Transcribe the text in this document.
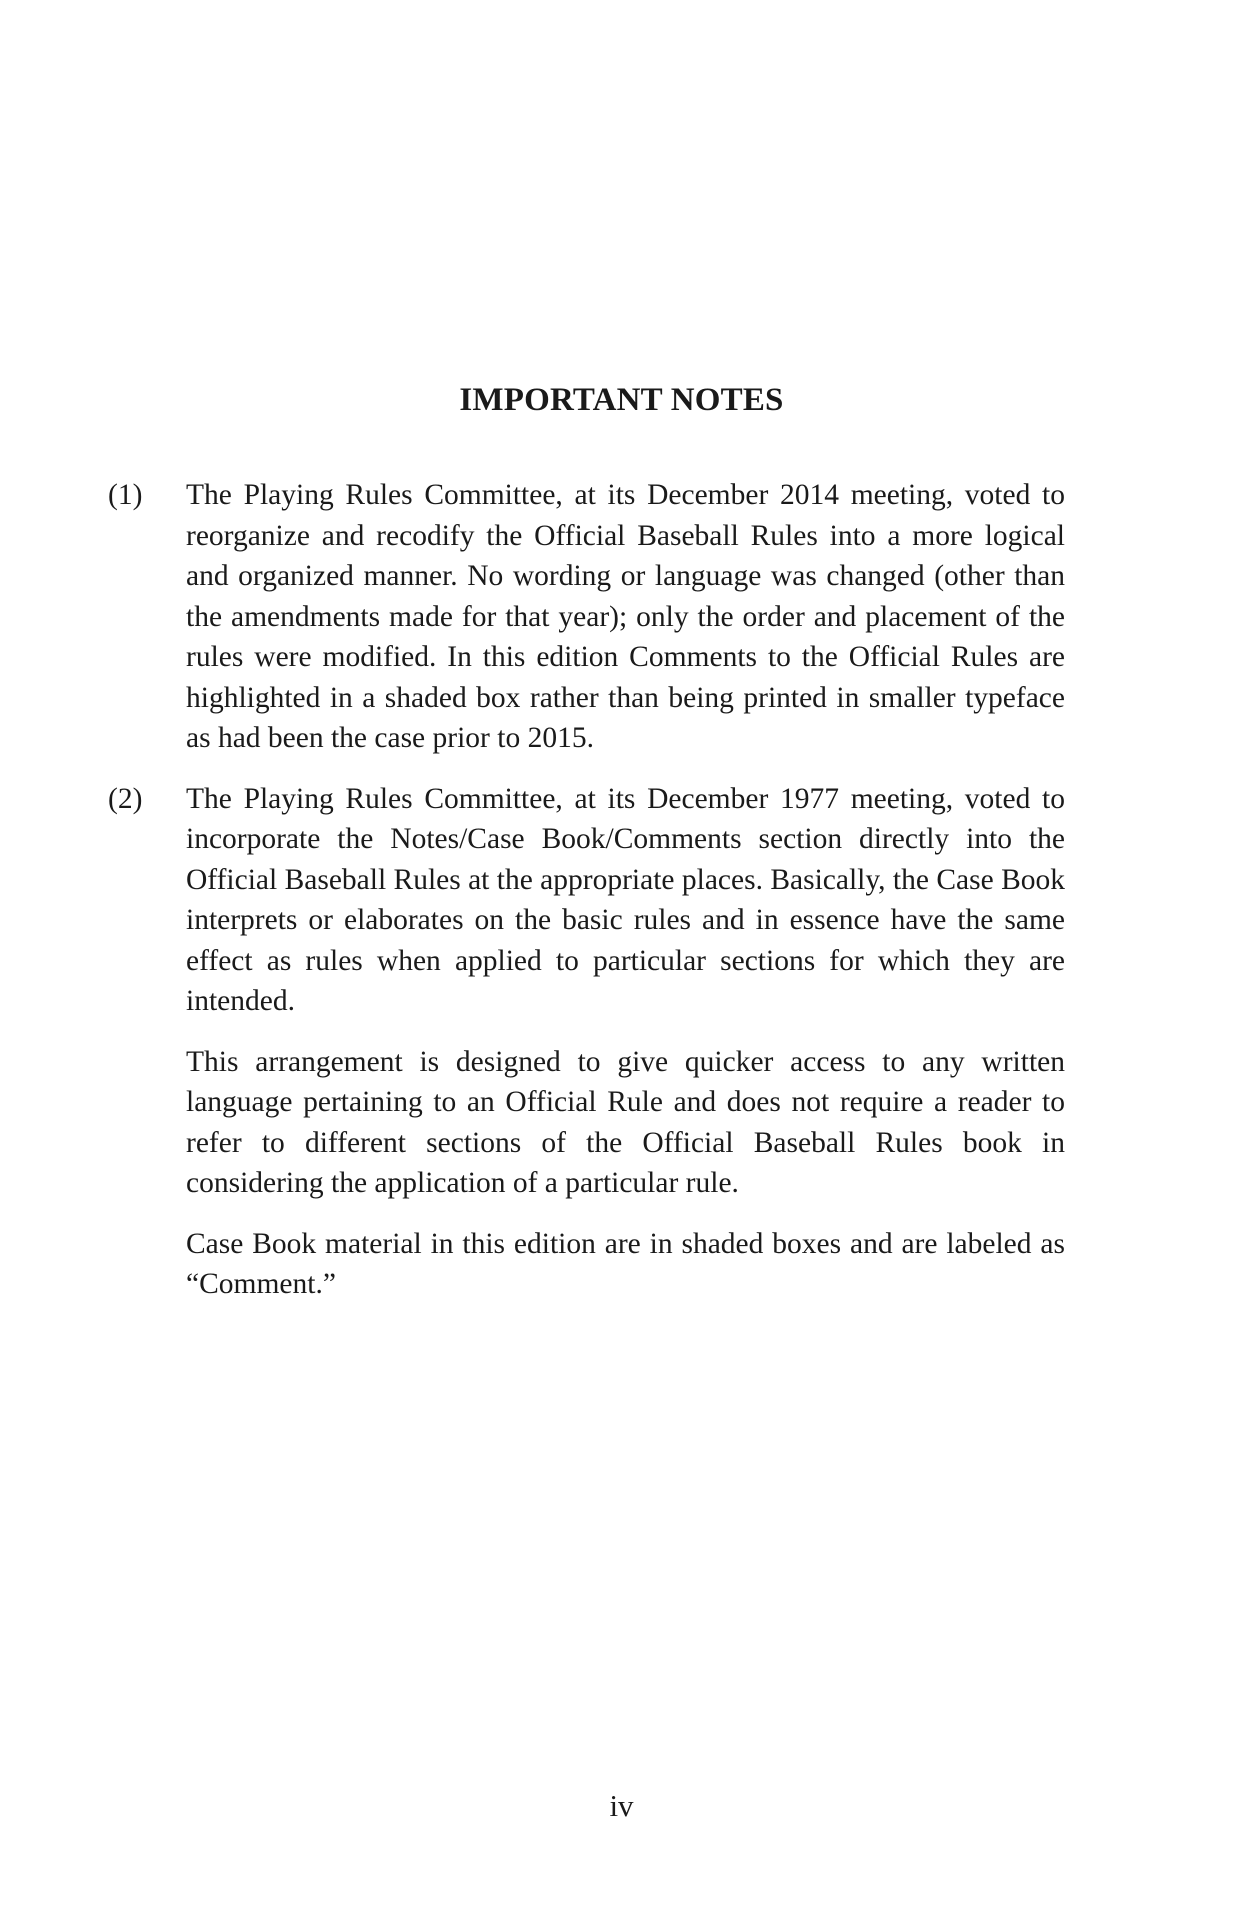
IMPORTANT NOTES
(1)	The Playing Rules Committee, at its December 2014 meeting, voted to reorganize and recodify the Official Baseball Rules into a more logical and organized manner. No wording or language was changed (other than the amendments made for that year); only the order and placement of the rules were modified. In this edition Comments to the Official Rules are highlighted in a shaded box rather than being printed in smaller typeface as had been the case prior to 2015.

(2)	The Playing Rules Committee, at its December 1977 meeting, voted to incorporate the Notes/Case Book/Comments section directly into the Official Baseball Rules at the appropriate places. Basically, the Case Book interprets or elaborates on the basic rules and in essence have the same effect as rules when applied to particular sections for which they are intended.

This arrangement is designed to give quicker access to any written language pertaining to an Official Rule and does not require a reader to refer to different sections of the Official Baseball Rules book in considering the application of a particular rule.

Case Book material in this edition are in shaded boxes and are labeled as “Comment.”

iv
